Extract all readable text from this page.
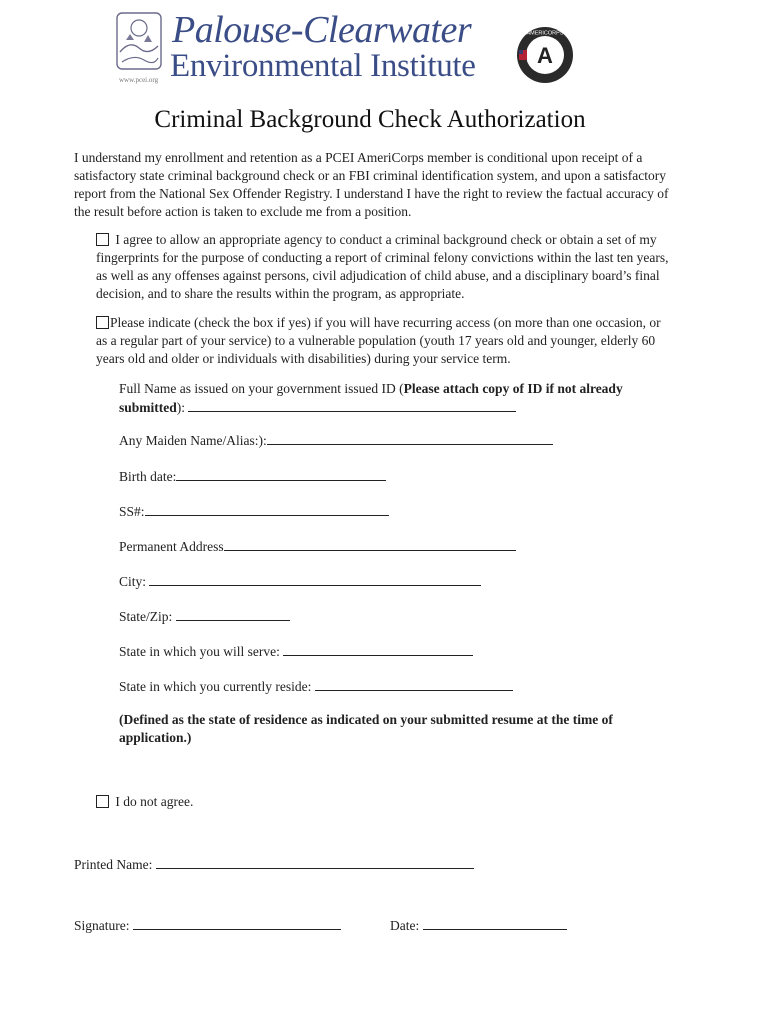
www.pcei.org
Palouse-Clearwater
Environmental Institute	A
AMERICORPS
Criminal Background Check Authorization
I understand my enrollment and retention as a PCEI AmeriCorps member is conditional upon receipt of a satisfactory state criminal background check or an FBI criminal identification system, and upon a satisfactory report from the National Sex Offender Registry. I understand I have the right to review the factual accuracy of the result before action is taken to exclude me from a position.
I agree to allow an appropriate agency to conduct a criminal background check or obtain a set of my fingerprints for the purpose of conducting a report of criminal felony convictions within the last ten years, as well as any offenses against persons, civil adjudication of child abuse, and a disciplinary board’s final decision, and to share the results within the program, as appropriate.
Please indicate (check the box if yes) if you will have recurring access (on more than one occasion, or as a regular part of your service) to a vulnerable population (youth 17 years old and younger, elderly 60 years old and older or individuals with disabilities) during your service term.
Full Name as issued on your government issued ID (Please attach copy of ID if not already submitted):
Any Maiden Name/Alias:):
Birth date:
SS#:
Permanent Address
City:
State/Zip:
State in which you will serve:
State in which you currently reside:
(Defined as the state of residence as indicated on your submitted resume at the time of application.)
I do not agree.
Printed Name:
Signature:	Date:
